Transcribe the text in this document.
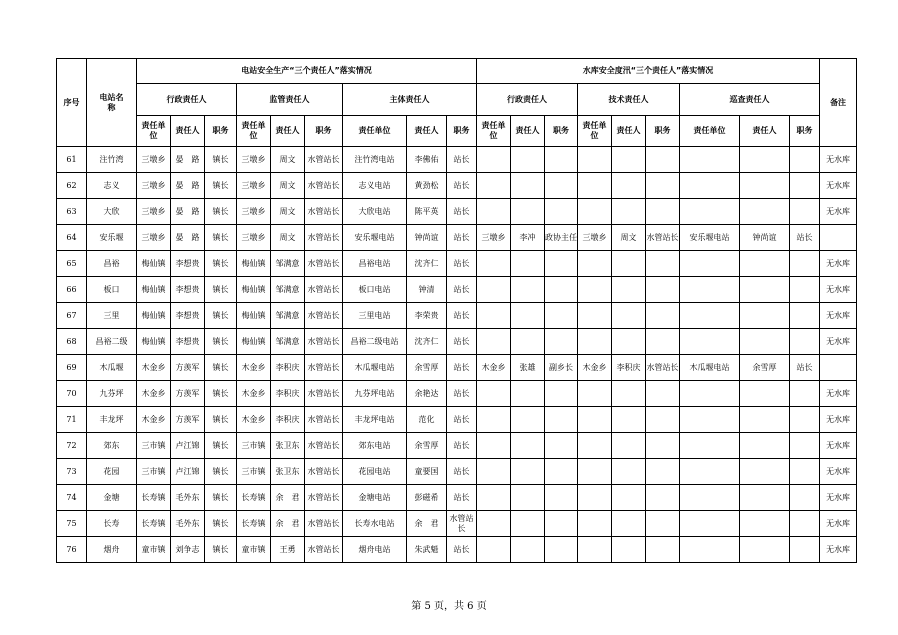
序号	电站名称	电站安全生产“三个责任人”落实情况									水库安全度汛“三个责任人”落实情况									备注
		行政责任人			监管责任人			主体责任人			行政责任人			技术责任人			巡查责任人			
		责任单位	责任人	职务	责任单位	责任人	职务	责任单位	责任人	职务	责任单位	责任人	职务	责任单位	责任人	职务	责任单位	责任人	职务	
61	注竹湾	三墩乡	晏　路	镇长	三墩乡	周文	水管站长	注竹湾电站	李佛佑	站长										无水库
62	志义	三墩乡	晏　路	镇长	三墩乡	周文	水管站长	志义电站	黄劲松	站长										无水库
63	大欣	三墩乡	晏　路	镇长	三墩乡	周文	水管站长	大欣电站	陈平英	站长										无水库
64	安乐堰	三墩乡	晏　路	镇长	三墩乡	周文	水管站长	安乐堰电站	钟尚谊	站长	三墩乡	李冲	政协主任	三墩乡	周文	水管站长	安乐堰电站	钟尚谊	站长	
65	昌裕	梅仙镇	李想贵	镇长	梅仙镇	邹满意	水管站长	昌裕电站	沈齐仁	站长										无水库
66	板口	梅仙镇	李想贵	镇长	梅仙镇	邹满意	水管站长	板口电站	钟清	站长										无水库
67	三里	梅仙镇	李想贵	镇长	梅仙镇	邹满意	水管站长	三里电站	李荣贵	站长										无水库
68	昌裕二级	梅仙镇	李想贵	镇长	梅仙镇	邹满意	水管站长	昌裕二级电站	沈齐仁	站长										无水库
69	木瓜堰	木金乡	方羡军	镇长	木金乡	李积庆	水管站长	木瓜堰电站	余雪厚	站长	木金乡	张雄	副乡长	木金乡	李积庆	水管站长	木瓜堰电站	余雪厚	站长	
70	九芬坪	木金乡	方羡军	镇长	木金乡	李积庆	水管站长	九芬坪电站	余艳达	站长										无水库
71	丰龙坪	木金乡	方羡军	镇长	木金乡	李积庆	水管站长	丰龙坪电站	范化	站长										无水库
72	郊东	三市镇	卢江锦	镇长	三市镇	张卫东	水管站长	郊东电站	余雪厚	站长										无水库
73	花园	三市镇	卢江锦	镇长	三市镇	张卫东	水管站长	花园电站	童要国	站长										无水库
74	金塘	长寿镇	毛外东	镇长	长寿镇	余　君	水管站长	金塘电站	彭磁希	站长										无水库
75	长寿	长寿镇	毛外东	镇长	长寿镇	余　君	水管站长	长寿水电站	余　君	水管站长										无水库
76	烟舟	童市镇	刘争志	镇长	童市镇	王勇	水管站长	烟舟电站	朱武魁	站长										无水库
第 5 页，共 6 页
